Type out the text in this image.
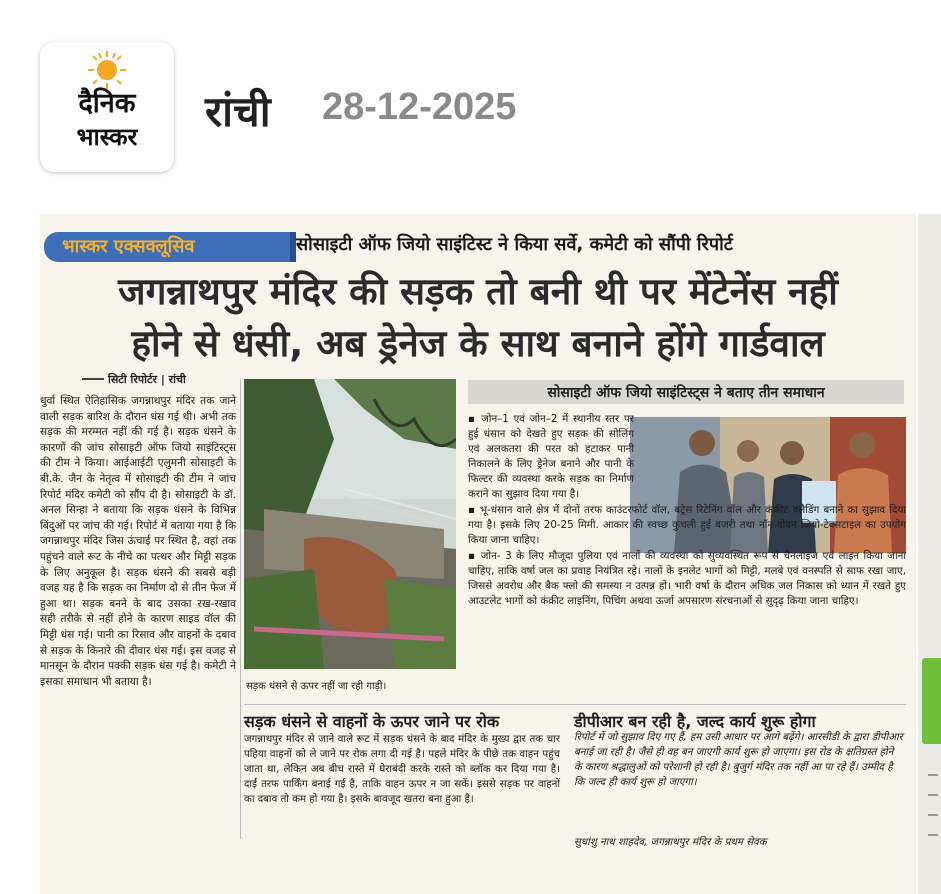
दैनिक
भास्कर
रांची 28-12-2025
भास्कर एक्सक्लूसिव	सोसाइटी ऑफ जियो साइंटिस्ट ने किया सर्वे, कमेटी को सौंपी रिपोर्ट
जगन्नाथपुर मंदिर की सड़क तो बनी थी पर मेंटेनेंस नहीं
होने से धंसी, अब ड्रेनेज के साथ बनाने होंगे गार्डवाल
सिटी रिपोर्टर | रांची

धुर्वा स्थित ऐतिहासिक जगन्नाथपुर मंदिर तक जाने वाली सड़क बारिश के दौरान धंस गई थी। अभी तक सड़क की मरम्मत नहीं की गई है। सड़क धंसने के कारणों की जांच सोसाइटी ऑफ जियो साइंटिस्ट्स की टीम ने किया। आईआईटी एलुमनी सोसाइटी के बी.के. जैन के नेतृत्व में सोसाइटी की टीम ने जांच रिपोर्ट मंदिर कमेटी को सौंप दी है। सोसाइटी के डॉ. अनल सिन्हा ने बताया कि सड़क धंसने के विभिन्न बिंदुओं पर जांच की गई। रिपोर्ट में बताया गया है कि जगन्नाथपुर मंदिर जिस ऊंचाई पर स्थित है, वहां तक पहुंचने वाले रूट के नीचे का पत्थर और मिट्टी सड़क के लिए अनुकूल है। सड़क धंसने की सबसे बड़ी वजह यह है कि सड़क का निर्माण दो से तीन फेज में हुआ था। सड़क बनने के बाद उसका रख-रखाव सही तरीके से नहीं होने के कारण साइड वॉल की मिट्टी धंस गई। पानी का रिसाव और वाहनों के दबाव से सड़क के किनारे की दीवार धंस गई। इस वजह से मानसून के दौरान पक्की सड़क धंस गई है। कमेटी ने इसका समाधान भी बताया है।	सड़क धंसने से ऊपर नहीं जा रही गाड़ी।
सोसाइटी ऑफ जियो साइंटिस्ट्स ने बताए तीन समाधान

▪ जोन–1 एवं जोन–2 में स्थानीय स्तर पर हुई धंसान को देखते हुए सड़क की सोलिंग एवं अलकतरा की परत को हटाकर पानी निकालने के लिए ड्रेनेज बनाने और पानी के फिल्टर की व्यवस्था करके सड़क का निर्माण कराने का सुझाव दिया गया है।

▪ भू-धंसान वाले क्षेत्र में दोनों तरफ काउंटरफोर्ट वॉल, बट्रेस रिटेनिंग वॉल और कंक्रीट क्लैडिंग बनाने का सुझाव दिया गया है। इसके लिए 20-25 मिमी. आकार की स्वच्छ कुचली हुई बजरी तथा नॉन-वोवन जियो-टेक्सटाइल का उपयोग किया जाना चाहिए।

▪ जोन- 3 के लिए मौजूदा पुलिया एवं नालों की व्यवस्था को सुव्यवस्थित रूप से चैनलाइज एवं लाइन किया जाना चाहिए, ताकि वर्षा जल का प्रवाह नियंत्रित रहे। नालों के इनलेट भागों को मिट्टी, मलबे एवं वनस्पति से साफ रखा जाए, जिससे अवरोध और बैक फ्लो की समस्या न उत्पन्न हो। भारी वर्षा के दौरान अधिक जल निकास को ध्यान में रखते हुए आउटलेट भागों को कंक्रीट लाइनिंग, पिचिंग अथवा ऊर्जा अपसारण संरचनाओं से सुदृढ़ किया जाना चाहिए।

सड़क धंसने से वाहनों के ऊपर जाने पर रोक

जगन्नाथपुर मंदिर से जाने वाले रूट में सड़क धंसने के बाद मंदिर के मुख्य द्वार तक चार पहिया वाहनों को ले जाने पर रोक लगा दी गई है। पहले मंदिर के पीछे तक वाहन पहुंच जाता था, लेकिन अब बीच रास्ते में घेराबंदी करके रास्ते को ब्लॉक कर दिया गया है। दाईं तरफ पार्किंग बनाई गई है, ताकि वाहन ऊपर न जा सकें। इससे सड़क पर वाहनों का दबाव तो कम हो गया है। इसके बावजूद खतरा बना हुआ है।

डीपीआर बन रही है, जल्द कार्य शुरू होगा

रिपोर्ट में जो सुझाव दिए गए हैं, हम उसी आधार पर आगे बढ़ेंगे। आरसीडी के द्वारा डीपीआर बनाई जा रही है। जैसे ही वह बन जाएगी कार्य शुरू हो जाएगा। इस रोड के क्षतिग्रस्त होने के कारण श्रद्धालुओं को परेशानी हो रही है। बुजुर्ग मंदिर तक नहीं आ पा रहे हैं। उम्मीद है कि जल्द ही कार्य शुरू हो जाएगा।

सुधांशु नाथ शाहदेव, जगन्नाथपुर मंदिर के प्रथम सेवक
